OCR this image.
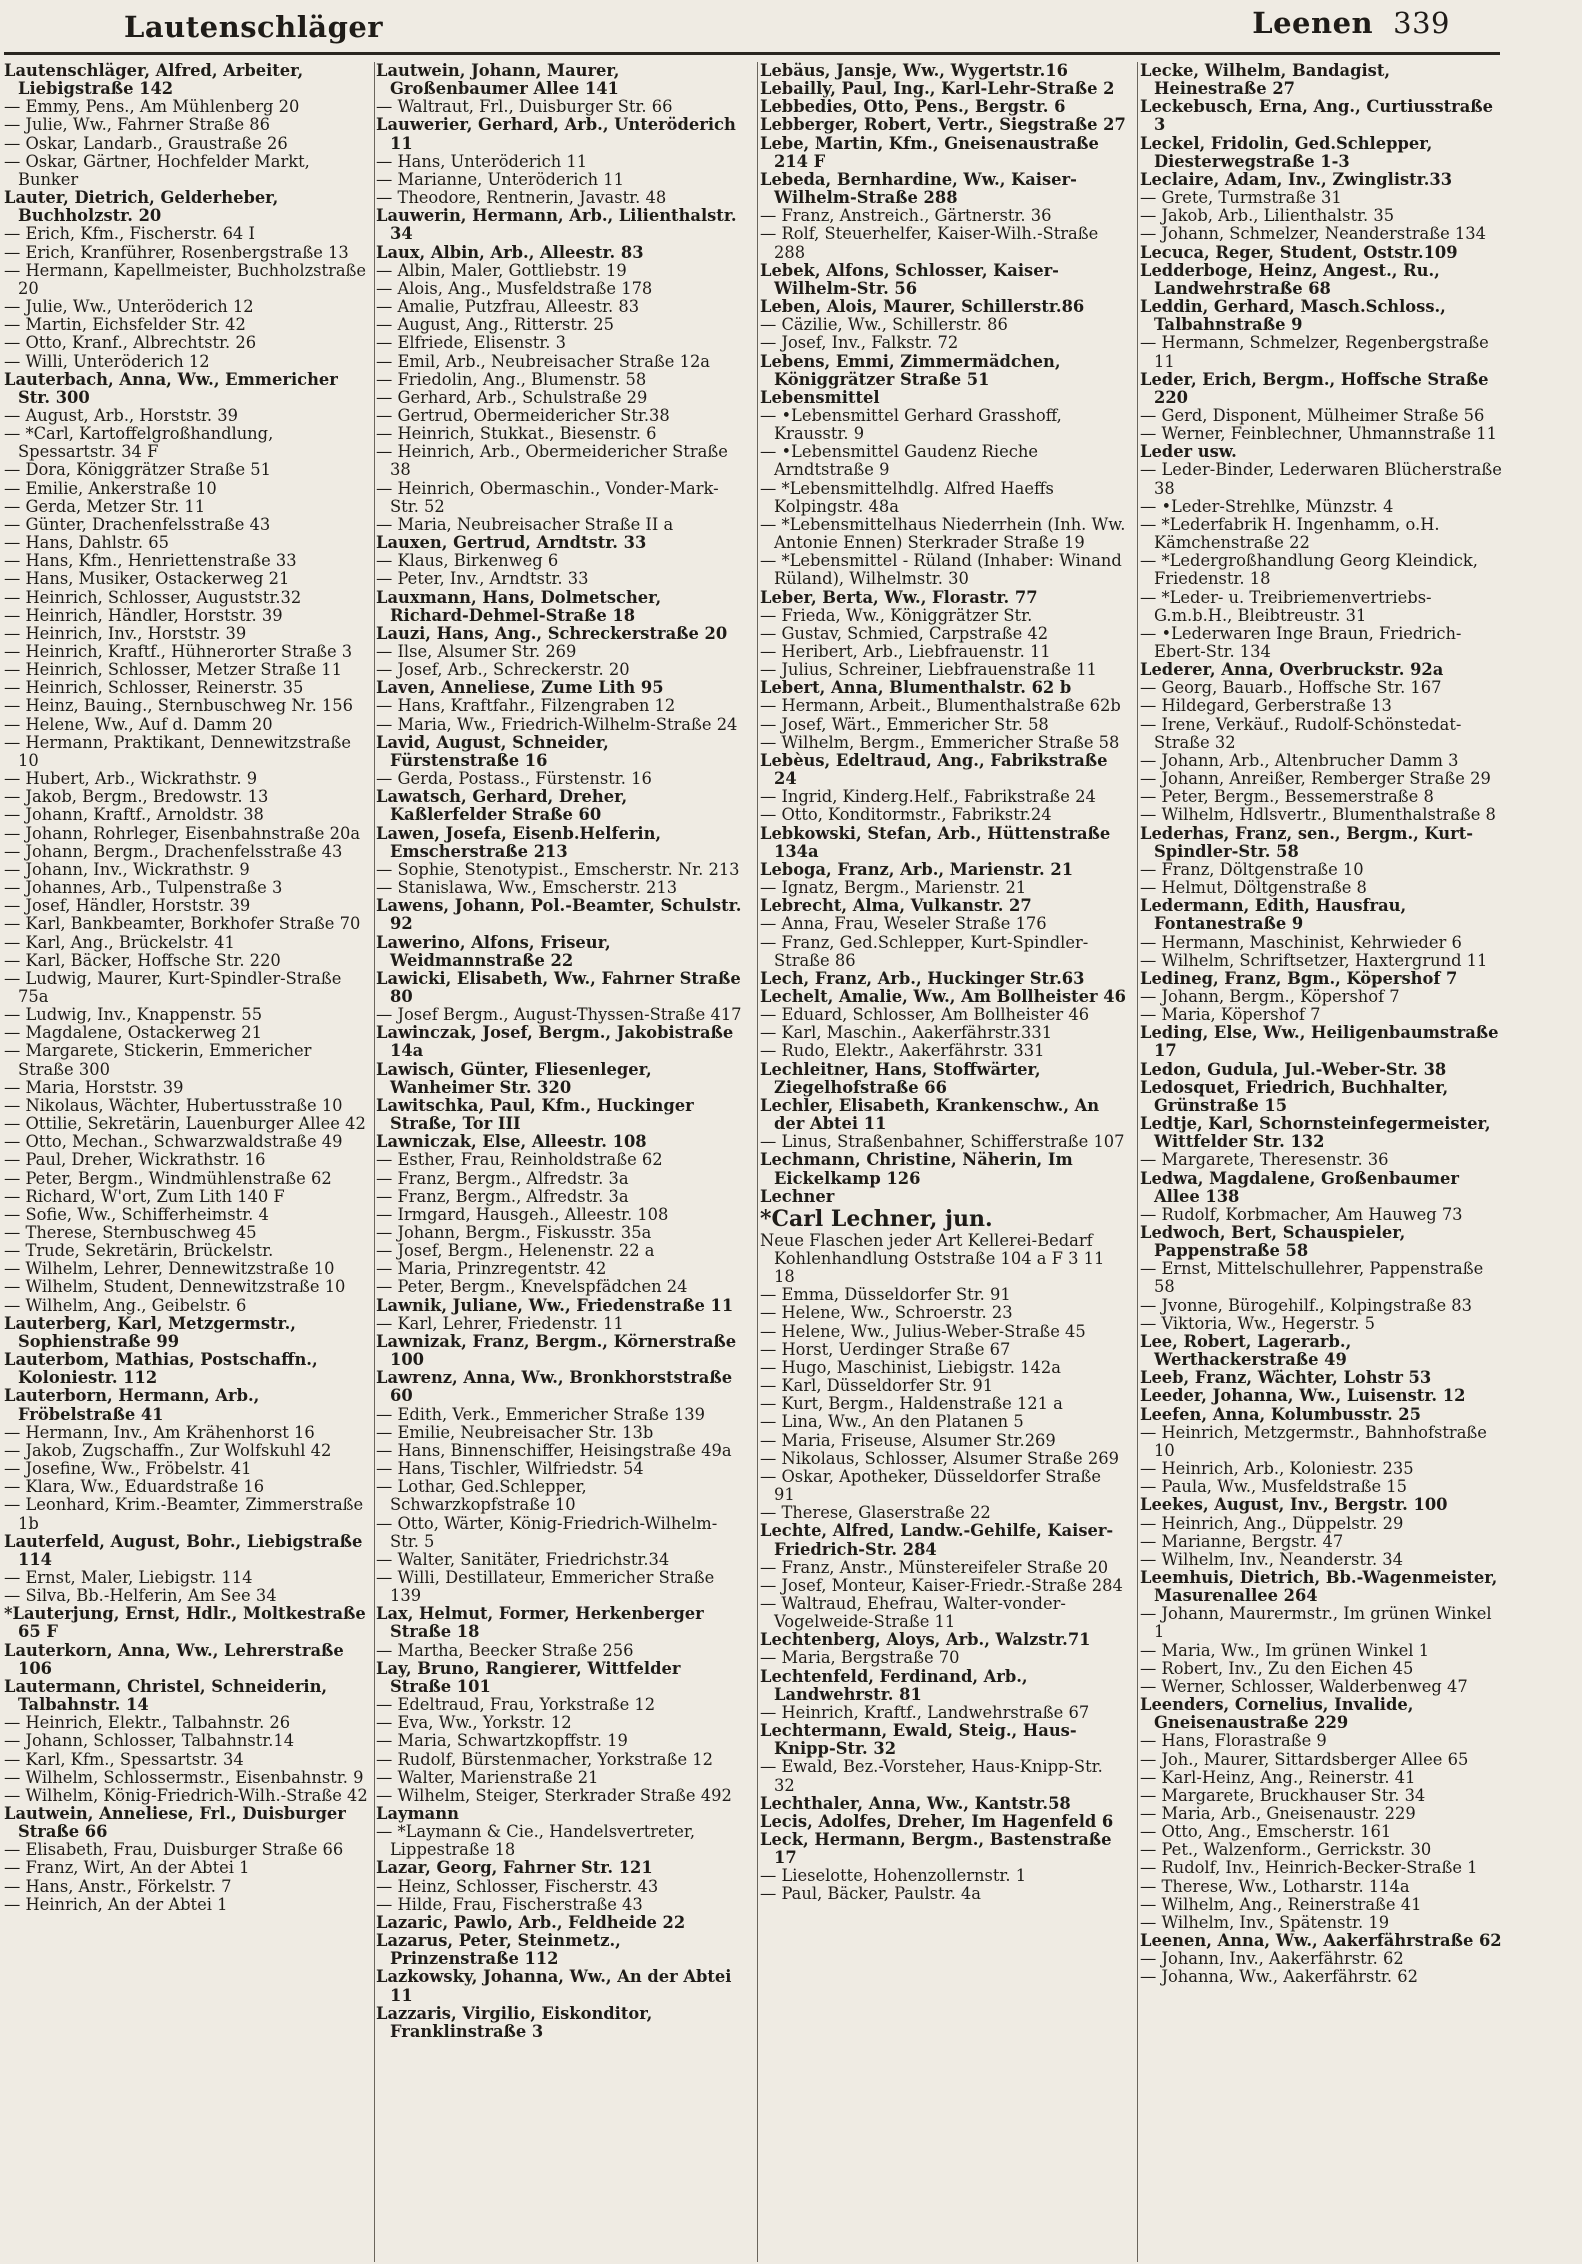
Lautenschläger	Leenen 339
Lautenschläger, Alfred, Arbeiter, Liebigstraße 142
— Emmy, Pens., Am Mühlenberg 20
— Julie, Ww., Fahrner Straße 86
— Oskar, Landarb., Graustraße 26
— Oskar, Gärtner, Hochfelder Markt, Bunker
Lauter, Dietrich, Gelderheber, Buchholzstr. 20
— Erich, Kfm., Fischerstr. 64 I
— Erich, Kranführer, Rosenbergstraße 13
— Hermann, Kapellmeister, Buchholzstraße 20
— Julie, Ww., Unteröderich 12
— Martin, Eichsfelder Str. 42
— Otto, Kranf., Albrechtstr. 26
— Willi, Unteröderich 12
Lauterbach, Anna, Ww., Emmericher Str. 300
— August, Arb., Horststr. 39
— *Carl, Kartoffelgroßhandlung, Spessartstr. 34 F
— Dora, Königgrätzer Straße 51
— Emilie, Ankerstraße 10
— Gerda, Metzer Str. 11
— Günter, Drachenfelsstraße 43
— Hans, Dahlstr. 65
— Hans, Kfm., Henriettenstraße 33
— Hans, Musiker, Ostackerweg 21
— Heinrich, Schlosser, Auguststr.32
— Heinrich, Händler, Horststr. 39
— Heinrich, Inv., Horststr. 39
— Heinrich, Kraftf., Hühnerorter Straße 3
— Heinrich, Schlosser, Metzer Straße 11
— Heinrich, Schlosser, Reinerstr. 35
— Heinz, Bauing., Sternbuschweg Nr. 156
— Helene, Ww., Auf d. Damm 20
— Hermann, Praktikant, Dennewitzstraße 10
— Hubert, Arb., Wickrathstr. 9
— Jakob, Bergm., Bredowstr. 13
— Johann, Kraftf., Arnoldstr. 38
— Johann, Rohrleger, Eisenbahnstraße 20a
— Johann, Bergm., Drachenfelsstraße 43
— Johann, Inv., Wickrathstr. 9
— Johannes, Arb., Tulpenstraße 3
— Josef, Händler, Horststr. 39
— Karl, Bankbeamter, Borkhofer Straße 70
— Karl, Ang., Brückelstr. 41
— Karl, Bäcker, Hoffsche Str. 220
— Ludwig, Maurer, Kurt-Spindler-Straße 75a
— Ludwig, Inv., Knappenstr. 55
— Magdalene, Ostackerweg 21
— Margarete, Stickerin, Emmericher Straße 300
— Maria, Horststr. 39
— Nikolaus, Wächter, Hubertusstraße 10
— Ottilie, Sekretärin, Lauenburger Allee 42
— Otto, Mechan., Schwarzwaldstraße 49
— Paul, Dreher, Wickrathstr. 16
— Peter, Bergm., Windmühlenstraße 62
— Richard, W'ort, Zum Lith 140 F
— Sofie, Ww., Schifferheimstr. 4
— Therese, Sternbuschweg 45
— Trude, Sekretärin, Brückelstr.
— Wilhelm, Lehrer, Dennewitzstraße 10
— Wilhelm, Student, Dennewitzstraße 10
— Wilhelm, Ang., Geibelstr. 6
Lauterberg, Karl, Metzgermstr., Sophienstraße 99
Lauterbom, Mathias, Postschaffn., Koloniestr. 112
Lauterborn, Hermann, Arb., Fröbelstraße 41
— Hermann, Inv., Am Krähenhorst 16
— Jakob, Zugschaffn., Zur Wolfskuhl 42
— Josefine, Ww., Fröbelstr. 41
— Klara, Ww., Eduardstraße 16
— Leonhard, Krim.-Beamter, Zimmerstraße 1b
Lauterfeld, August, Bohr., Liebigstraße 114
— Ernst, Maler, Liebigstr. 114
— Silva, Bb.-Helferin, Am See 34
*Lauterjung, Ernst, Hdlr., Moltkestraße 65 F
Lauterkorn, Anna, Ww., Lehrerstraße 106
Lautermann, Christel, Schneiderin, Talbahnstr. 14
— Heinrich, Elektr., Talbahnstr. 26
— Johann, Schlosser, Talbahnstr.14
— Karl, Kfm., Spessartstr. 34
— Wilhelm, Schlossermstr., Eisenbahnstr. 9
— Wilhelm, König-Friedrich-Wilh.-Straße 42
Lautwein, Anneliese, Frl., Duisburger Straße 66
— Elisabeth, Frau, Duisburger Straße 66
— Franz, Wirt, An der Abtei 1
— Hans, Anstr., Förkelstr. 7
— Heinrich, An der Abtei 1
Lautwein, Johann, Maurer, Großenbaumer Allee 141
— Waltraut, Frl., Duisburger Str. 66
Lauwerier, Gerhard, Arb., Unteröderich 11
— Hans, Unteröderich 11
— Marianne, Unteröderich 11
— Theodore, Rentnerin, Javastr. 48
Lauwerin, Hermann, Arb., Lilienthalstr. 34
Laux, Albin, Arb., Alleestr. 83
— Albin, Maler, Gottliebstr. 19
— Alois, Ang., Musfeldstraße 178
— Amalie, Putzfrau, Alleestr. 83
— August, Ang., Ritterstr. 25
— Elfriede, Elisenstr. 3
— Emil, Arb., Neubreisacher Straße 12a
— Friedolin, Ang., Blumenstr. 58
— Gerhard, Arb., Schulstraße 29
— Gertrud, Obermeidericher Str.38
— Heinrich, Stukkat., Biesenstr. 6
— Heinrich, Arb., Obermeidericher Straße 38
— Heinrich, Obermaschin., Vonder-Mark-Str. 52
— Maria, Neubreisacher Straße II a
Lauxen, Gertrud, Arndtstr. 33
— Klaus, Birkenweg 6
— Peter, Inv., Arndtstr. 33
Lauxmann, Hans, Dolmetscher, Richard-Dehmel-Straße 18
Lauzi, Hans, Ang., Schreckerstraße 20
— Ilse, Alsumer Str. 269
— Josef, Arb., Schreckerstr. 20
Laven, Anneliese, Zume Lith 95
— Hans, Kraftfahr., Filzengraben 12
— Maria, Ww., Friedrich-Wilhelm-Straße 24
Lavid, August, Schneider, Fürstenstraße 16
— Gerda, Postass., Fürstenstr. 16
Lawatsch, Gerhard, Dreher, Kaßlerfelder Straße 60
Lawen, Josefa, Eisenb.Helferin, Emscherstraße 213
— Sophie, Stenotypist., Emscherstr. Nr. 213
— Stanislawa, Ww., Emscherstr. 213
Lawens, Johann, Pol.-Beamter, Schulstr. 92
Lawerino, Alfons, Friseur, Weidmannstraße 22
Lawicki, Elisabeth, Ww., Fahrner Straße 80
— Josef Bergm., August-Thyssen-Straße 417
Lawinczak, Josef, Bergm., Jakobistraße 14a
Lawisch, Günter, Fliesenleger, Wanheimer Str. 320
Lawitschka, Paul, Kfm., Huckinger Straße, Tor III
Lawniczak, Else, Alleestr. 108
— Esther, Frau, Reinholdstraße 62
— Franz, Bergm., Alfredstr. 3a
— Franz, Bergm., Alfredstr. 3a
— Irmgard, Hausgeh., Alleestr. 108
— Johann, Bergm., Fiskusstr. 35a
— Josef, Bergm., Helenenstr. 22 a
— Maria, Prinzregentstr. 42
— Peter, Bergm., Knevelspfädchen 24
Lawnik, Juliane, Ww., Friedenstraße 11
— Karl, Lehrer, Friedenstr. 11
Lawnizak, Franz, Bergm., Körnerstraße 100
Lawrenz, Anna, Ww., Bronkhorststraße 60
— Edith, Verk., Emmericher Straße 139
— Emilie, Neubreisacher Str. 13b
— Hans, Binnenschiffer, Heisingstraße 49a
— Hans, Tischler, Wilfriedstr. 54
— Lothar, Ged.Schlepper, Schwarzkopfstraße 10
— Otto, Wärter, König-Friedrich-Wilhelm-Str. 5
— Walter, Sanitäter, Friedrichstr.34
— Willi, Destillateur, Emmericher Straße 139
Lax, Helmut, Former, Herkenberger Straße 18
— Martha, Beecker Straße 256
Lay, Bruno, Rangierer, Wittfelder Straße 101
— Edeltraud, Frau, Yorkstraße 12
— Eva, Ww., Yorkstr. 12
— Maria, Schwartzkopffstr. 19
— Rudolf, Bürstenmacher, Yorkstraße 12
— Walter, Marienstraße 21
— Wilhelm, Steiger, Sterkrader Straße 492
Laymann
— *Laymann & Cie., Handelsvertreter, Lippestraße 18
Lazar, Georg, Fahrner Str. 121
— Heinz, Schlosser, Fischerstr. 43
— Hilde, Frau, Fischerstraße 43
Lazaric, Pawlo, Arb., Feldheide 22
Lazarus, Peter, Steinmetz., Prinzenstraße 112
Lazkowsky, Johanna, Ww., An der Abtei 11
Lazzaris, Virgilio, Eiskonditor, Franklinstraße 3
Lebäus, Jansje, Ww., Wygertstr.16
Lebailly, Paul, Ing., Karl-Lehr-Straße 2
Lebbedies, Otto, Pens., Bergstr. 6
Lebberger, Robert, Vertr., Siegstraße 27
Lebe, Martin, Kfm., Gneisenaustraße 214 F
Lebeda, Bernhardine, Ww., Kaiser-Wilhelm-Straße 288
— Franz, Anstreich., Gärtnerstr. 36
— Rolf, Steuerhelfer, Kaiser-Wilh.-Straße 288
Lebek, Alfons, Schlosser, Kaiser-Wilhelm-Str. 56
Leben, Alois, Maurer, Schillerstr.86
— Cäzilie, Ww., Schillerstr. 86
— Josef, Inv., Falkstr. 72
Lebens, Emmi, Zimmermädchen, Königgrätzer Straße 51
Lebensmittel
— •Lebensmittel Gerhard Grasshoff, Krausstr. 9
— •Lebensmittel Gaudenz Rieche Arndtstraße 9
— *Lebensmittelhdlg. Alfred Haeffs Kolpingstr. 48a
— *Lebensmittelhaus Niederrhein (Inh. Ww. Antonie Ennen) Sterkrader Straße 19
— *Lebensmittel - Rüland (Inhaber: Winand Rüland), Wilhelmstr. 30
Leber, Berta, Ww., Florastr. 77
— Frieda, Ww., Königgrätzer Str.
— Gustav, Schmied, Carpstraße 42
— Heribert, Arb., Liebfrauenstr. 11
— Julius, Schreiner, Liebfrauenstraße 11
Lebert, Anna, Blumenthalstr. 62 b
— Hermann, Arbeit., Blumenthalstraße 62b
— Josef, Wärt., Emmericher Str. 58
— Wilhelm, Bergm., Emmericher Straße 58
Lebèus, Edeltraud, Ang., Fabrikstraße 24
— Ingrid, Kinderg.Helf., Fabrikstraße 24
— Otto, Konditormstr., Fabrikstr.24
Lebkowski, Stefan, Arb., Hüttenstraße 134a
Leboga, Franz, Arb., Marienstr. 21
— Ignatz, Bergm., Marienstr. 21
Lebrecht, Alma, Vulkanstr. 27
— Anna, Frau, Weseler Straße 176
— Franz, Ged.Schlepper, Kurt-Spindler-Straße 86
Lech, Franz, Arb., Huckinger Str.63
Lechelt, Amalie, Ww., Am Bollheister 46
— Eduard, Schlosser, Am Bollheister 46
— Karl, Maschin., Aakerfährstr.331
— Rudo, Elektr., Aakerfährstr. 331
Lechleitner, Hans, Stoffwärter, Ziegelhofstraße 66
Lechler, Elisabeth, Krankenschw., An der Abtei 11
— Linus, Straßenbahner, Schifferstraße 107
Lechmann, Christine, Näherin, Im Eickelkamp 126
Lechner
*Carl Lechner, jun.
Neue Flaschen jeder Art Kellerei-Bedarf Kohlenhandlung Oststraße 104 a F 3 11 18
— Emma, Düsseldorfer Str. 91
— Helene, Ww., Schroerstr. 23
— Helene, Ww., Julius-Weber-Straße 45
— Horst, Uerdinger Straße 67
— Hugo, Maschinist, Liebigstr. 142a
— Karl, Düsseldorfer Str. 91
— Kurt, Bergm., Haldenstraße 121 a
— Lina, Ww., An den Platanen 5
— Maria, Friseuse, Alsumer Str.269
— Nikolaus, Schlosser, Alsumer Straße 269
— Oskar, Apotheker, Düsseldorfer Straße 91
— Therese, Glaserstraße 22
Lechte, Alfred, Landw.-Gehilfe, Kaiser-Friedrich-Str. 284
— Franz, Anstr., Münstereifeler Straße 20
— Josef, Monteur, Kaiser-Friedr.-Straße 284
— Waltraud, Ehefrau, Walter-vonder-Vogelweide-Straße 11
Lechtenberg, Aloys, Arb., Walzstr.71
— Maria, Bergstraße 70
Lechtenfeld, Ferdinand, Arb., Landwehrstr. 81
— Heinrich, Kraftf., Landwehrstraße 67
Lechtermann, Ewald, Steig., Haus-Knipp-Str. 32
— Ewald, Bez.-Vorsteher, Haus-Knipp-Str. 32
Lechthaler, Anna, Ww., Kantstr.58
Lecis, Adolfes, Dreher, Im Hagenfeld 6
Leck, Hermann, Bergm., Bastenstraße 17
— Lieselotte, Hohenzollernstr. 1
— Paul, Bäcker, Paulstr. 4a
Lecke, Wilhelm, Bandagist, Heinestraße 27
Leckebusch, Erna, Ang., Curtiusstraße 3
Leckel, Fridolin, Ged.Schlepper, Diesterwegstraße 1-3
Leclaire, Adam, Inv., Zwinglistr.33
— Grete, Turmstraße 31
— Jakob, Arb., Lilienthalstr. 35
— Johann, Schmelzer, Neanderstraße 134
Lecuca, Reger, Student, Oststr.109
Ledderboge, Heinz, Angest., Ru., Landwehrstraße 68
Leddin, Gerhard, Masch.Schloss., Talbahnstraße 9
— Hermann, Schmelzer, Regenbergstraße 11
Leder, Erich, Bergm., Hoffsche Straße 220
— Gerd, Disponent, Mülheimer Straße 56
— Werner, Feinblechner, Uhmannstraße 11
Leder usw.
— Leder-Binder, Lederwaren Blücherstraße 38
— •Leder-Strehlke, Münzstr. 4
— *Lederfabrik H. Ingenhamm, o.H. Kämchenstraße 22
— *Ledergroßhandlung Georg Kleindick, Friedenstr. 18
— *Leder- u. Treibriemenvertriebs-G.m.b.H., Bleibtreustr. 31
— •Lederwaren Inge Braun, Friedrich-Ebert-Str. 134
Lederer, Anna, Overbruckstr. 92a
— Georg, Bauarb., Hoffsche Str. 167
— Hildegard, Gerberstraße 13
— Irene, Verkäuf., Rudolf-Schönstedat-Straße 32
— Johann, Arb., Altenbrucher Damm 3
— Johann, Anreißer, Remberger Straße 29
— Peter, Bergm., Bessemerstraße 8
— Wilhelm, Hdlsvertr., Blumenthalstraße 8
Lederhas, Franz, sen., Bergm., Kurt-Spindler-Str. 58
— Franz, Döltgenstraße 10
— Helmut, Döltgenstraße 8
Ledermann, Edith, Hausfrau, Fontanestraße 9
— Hermann, Maschinist, Kehrwieder 6
— Wilhelm, Schriftsetzer, Haxtergrund 11
Ledineg, Franz, Bgm., Köpershof 7
— Johann, Bergm., Köpershof 7
— Maria, Köpershof 7
Leding, Else, Ww., Heiligenbaumstraße 17
Ledon, Gudula, Jul.-Weber-Str. 38
Ledosquet, Friedrich, Buchhalter, Grünstraße 15
Ledtje, Karl, Schornsteinfegermeister, Wittfelder Str. 132
— Margarete, Theresenstr. 36
Ledwa, Magdalene, Großenbaumer Allee 138
— Rudolf, Korbmacher, Am Hauweg 73
Ledwoch, Bert, Schauspieler, Pappenstraße 58
— Ernst, Mittelschullehrer, Pappenstraße 58
— Jvonne, Bürogehilf., Kolpingstraße 83
— Viktoria, Ww., Hegerstr. 5
Lee, Robert, Lagerarb., Werthackerstraße 49
Leeb, Franz, Wächter, Lohstr 53
Leeder, Johanna, Ww., Luisenstr. 12
Leefen, Anna, Kolumbusstr. 25
— Heinrich, Metzgermstr., Bahnhofstraße 10
— Heinrich, Arb., Koloniestr. 235
— Paula, Ww., Musfeldstraße 15
Leekes, August, Inv., Bergstr. 100
— Heinrich, Ang., Düppelstr. 29
— Marianne, Bergstr. 47
— Wilhelm, Inv., Neanderstr. 34
Leemhuis, Dietrich, Bb.-Wagenmeister, Masurenallee 264
— Johann, Maurermstr., Im grünen Winkel 1
— Maria, Ww., Im grünen Winkel 1
— Robert, Inv., Zu den Eichen 45
— Werner, Schlosser, Walderbenweg 47
Leenders, Cornelius, Invalide, Gneisenaustraße 229
— Hans, Florastraße 9
— Joh., Maurer, Sittardsberger Allee 65
— Karl-Heinz, Ang., Reinerstr. 41
— Margarete, Bruckhauser Str. 34
— Maria, Arb., Gneisenaustr. 229
— Otto, Ang., Emscherstr. 161
— Pet., Walzenform., Gerrickstr. 30
— Rudolf, Inv., Heinrich-Becker-Straße 1
— Therese, Ww., Lotharstr. 114a
— Wilhelm, Ang., Reinerstraße 41
— Wilhelm, Inv., Spätenstr. 19
Leenen, Anna, Ww., Aakerfährstraße 62
— Johann, Inv., Aakerfährstr. 62
— Johanna, Ww., Aakerfährstr. 62
